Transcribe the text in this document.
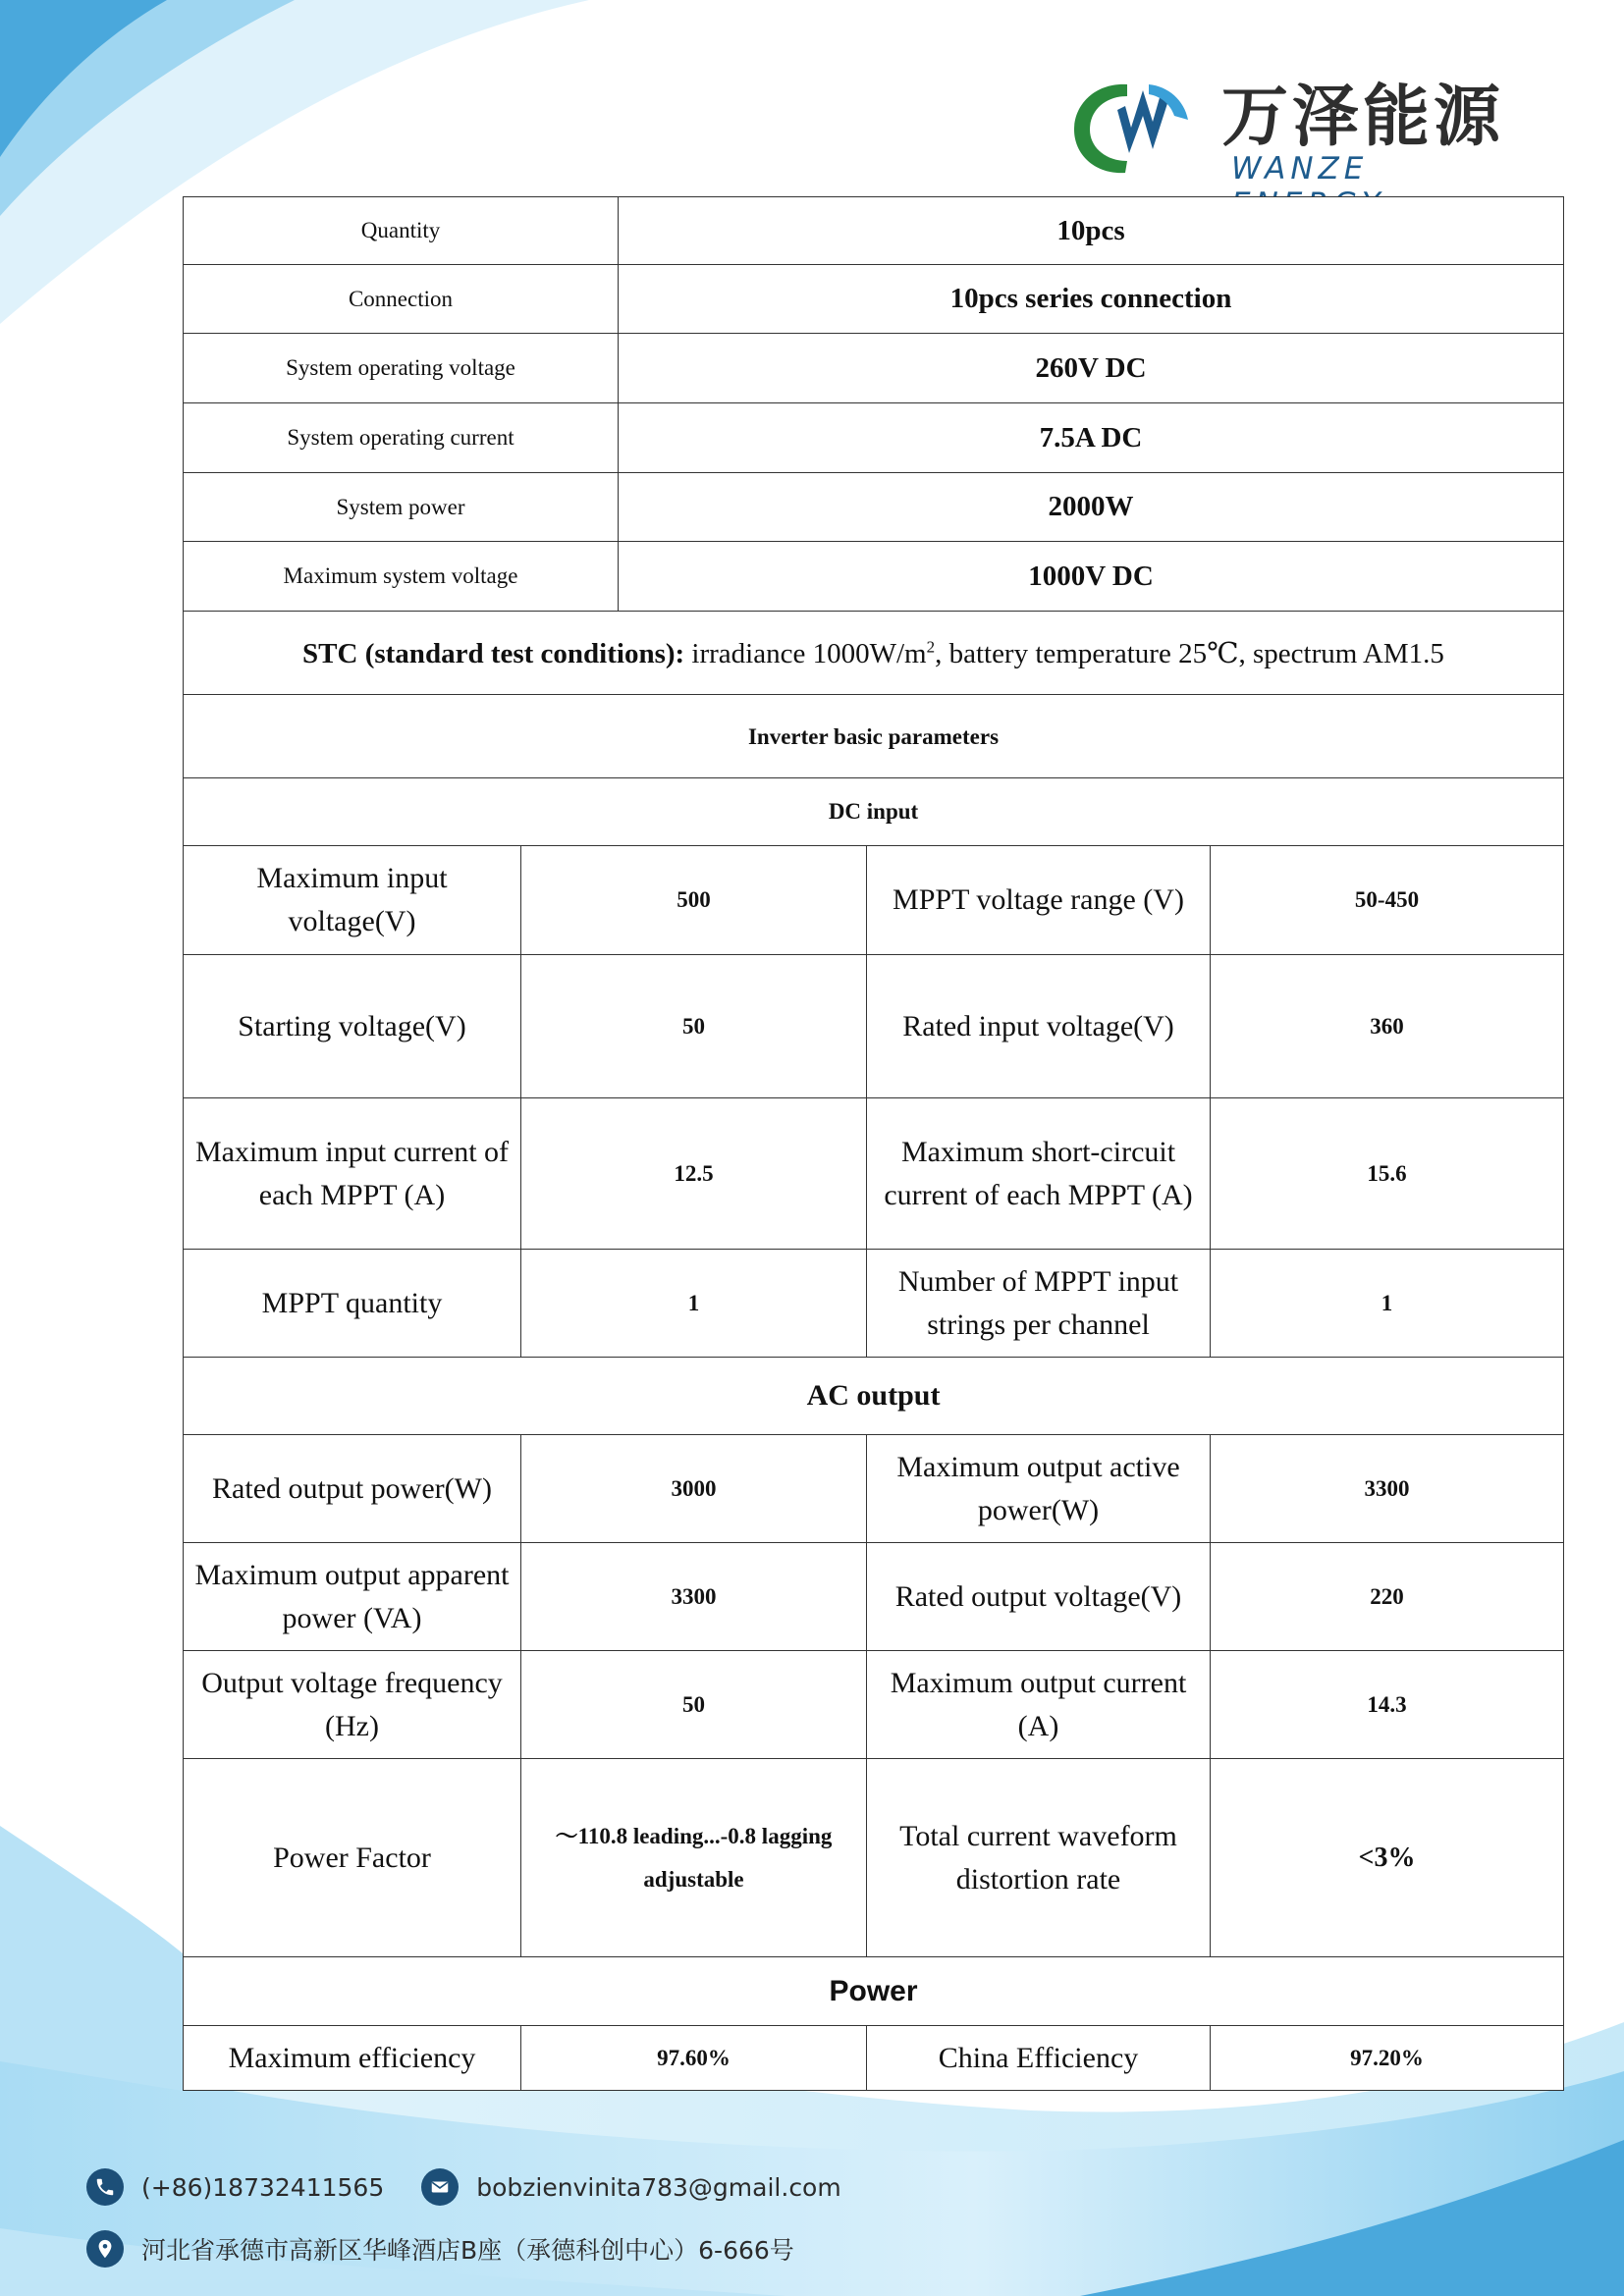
万泽能源
WANZE
Quantity	10pcs
Connection	10pcs series connection
System operating voltage	260V DC
System operating current	7.5A DC
System power	2000W
Maximum system voltage	1000V DC
STC (standard test conditions): irradiance $1000W/m^2$, battery temperature 25℃, spectrum AM1.5	
Inverter basic parameters	
DC input			
Maximum input voltage(V)	500	MPPT voltage range (V)	50-450
Starting voltage(V)	50	Rated input voltage(V)	360
Maximum input current of each MPPT (A)	12.5	Maximum short-circuit current of each MPPT (A)	15.6
MPPT quantity	1	Number of MPPT input strings per channel	1
AC output			
Rated output power(W)	3000	Maximum output active power(W)	3300
Maximum output apparent power (VA)	3300	Rated output voltage(V)	220
Output voltage frequency (Hz)	50	Maximum output current (A)	14.3
Power Factor	～110.8 leading...-0.8 lagging adjustable	Total current waveform distortion rate	<3%
Power			
Maximum efficiency	97.60%	China Efficiency	97.20%
(+86)18732411565	bobzienvinita783@gmail.com
河北省承德市高新区华峰酒店B座（承德科创中心）6-666号
